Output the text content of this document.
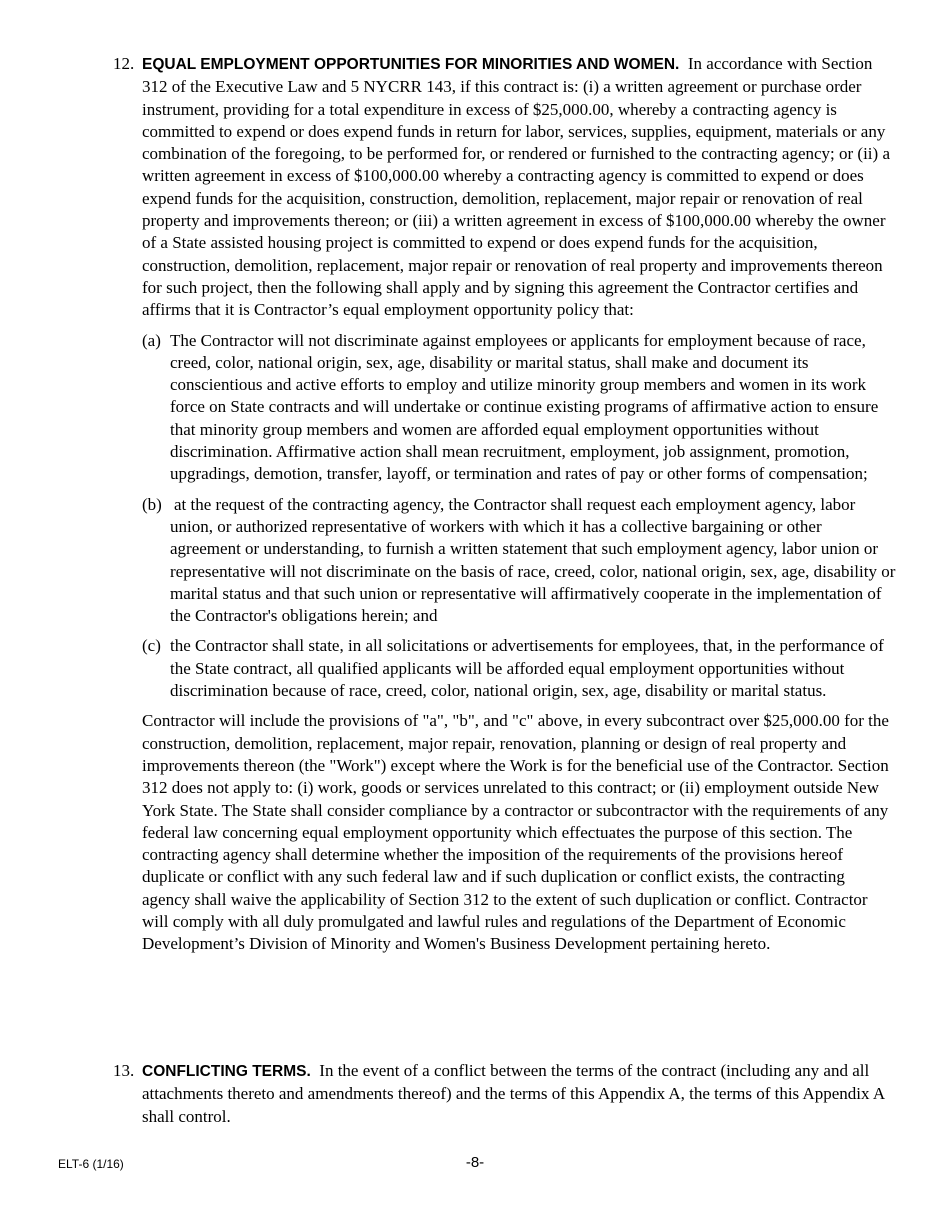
12. EQUAL EMPLOYMENT OPPORTUNITIES FOR MINORITIES AND WOMEN. In accordance with Section 312 of the Executive Law and 5 NYCRR 143, if this contract is: (i) a written agreement or purchase order instrument, providing for a total expenditure in excess of $25,000.00, whereby a contracting agency is committed to expend or does expend funds in return for labor, services, supplies, equipment, materials or any combination of the foregoing, to be performed for, or rendered or furnished to the contracting agency; or (ii) a written agreement in excess of $100,000.00 whereby a contracting agency is committed to expend or does expend funds for the acquisition, construction, demolition, replacement, major repair or renovation of real property and improvements thereon; or (iii) a written agreement in excess of $100,000.00 whereby the owner of a State assisted housing project is committed to expend or does expend funds for the acquisition, construction, demolition, replacement, major repair or renovation of real property and improvements thereon for such project, then the following shall apply and by signing this agreement the Contractor certifies and affirms that it is Contractor’s equal employment opportunity policy that:
(a) The Contractor will not discriminate against employees or applicants for employment because of race, creed, color, national origin, sex, age, disability or marital status, shall make and document its conscientious and active efforts to employ and utilize minority group members and women in its work force on State contracts and will undertake or continue existing programs of affirmative action to ensure that minority group members and women are afforded equal employment opportunities without discrimination. Affirmative action shall mean recruitment, employment, job assignment, promotion, upgradings, demotion, transfer, layoff, or termination and rates of pay or other forms of compensation;
(b) at the request of the contracting agency, the Contractor shall request each employment agency, labor union, or authorized representative of workers with which it has a collective bargaining or other agreement or understanding, to furnish a written statement that such employment agency, labor union or representative will not discriminate on the basis of race, creed, color, national origin, sex, age, disability or marital status and that such union or representative will affirmatively cooperate in the implementation of the Contractor's obligations herein; and
(c) the Contractor shall state, in all solicitations or advertisements for employees, that, in the performance of the State contract, all qualified applicants will be afforded equal employment opportunities without discrimination because of race, creed, color, national origin, sex, age, disability or marital status.
Contractor will include the provisions of "a", "b", and "c" above, in every subcontract over $25,000.00 for the construction, demolition, replacement, major repair, renovation, planning or design of real property and improvements thereon (the "Work") except where the Work is for the beneficial use of the Contractor. Section 312 does not apply to: (i) work, goods or services unrelated to this contract; or (ii) employment outside New York State. The State shall consider compliance by a contractor or subcontractor with the requirements of any federal law concerning equal employment opportunity which effectuates the purpose of this section. The contracting agency shall determine whether the imposition of the requirements of the provisions hereof duplicate or conflict with any such federal law and if such duplication or conflict exists, the contracting agency shall waive the applicability of Section 312 to the extent of such duplication or conflict. Contractor will comply with all duly promulgated and lawful rules and regulations of the Department of Economic Development’s Division of Minority and Women's Business Development pertaining hereto.
13. CONFLICTING TERMS. In the event of a conflict between the terms of the contract (including any and all attachments thereto and amendments thereof) and the terms of this Appendix A, the terms of this Appendix A shall control.
ELT-6 (1/16)	-8-
